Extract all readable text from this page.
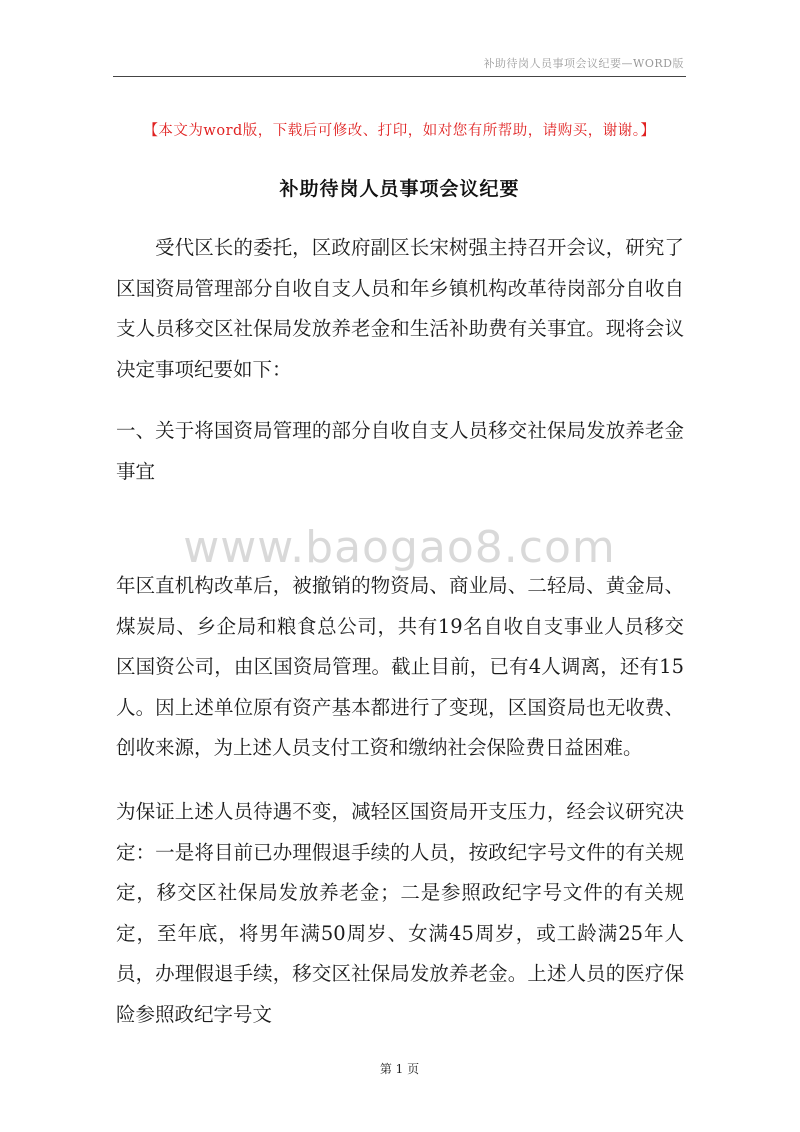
补助待岗人员事项会议纪要—WORD版
【本文为word版，下载后可修改、打印，如对您有所帮助，请购买，谢谢。】
补助待岗人员事项会议纪要

受代区长的委托，区政府副区长宋树强主持召开会议，研究了区国资局管理部分自收自支人员和年乡镇机构改革待岗部分自收自支人员移交区社保局发放养老金和生活补助费有关事宜。现将会议决定事项纪要如下：

一、关于将国资局管理的部分自收自支人员移交社保局发放养老金事宜

www.baogao8.com

年区直机构改革后，被撤销的物资局、商业局、二轻局、黄金局、煤炭局、乡企局和粮食总公司，共有19名自收自支事业人员移交区国资公司，由区国资局管理。截止目前，已有4人调离，还有15人。因上述单位原有资产基本都进行了变现，区国资局也无收费、创收来源，为上述人员支付工资和缴纳社会保险费日益困难。

为保证上述人员待遇不变，减轻区国资局开支压力，经会议研究决定：一是将目前已办理假退手续的人员，按政纪字号文件的有关规定，移交区社保局发放养老金；二是参照政纪字号文件的有关规定，至年底，将男年满50周岁、女满45周岁，或工龄满25年人员，办理假退手续，移交区社保局发放养老金。上述人员的医疗保险参照政纪字号文

第 1 页
